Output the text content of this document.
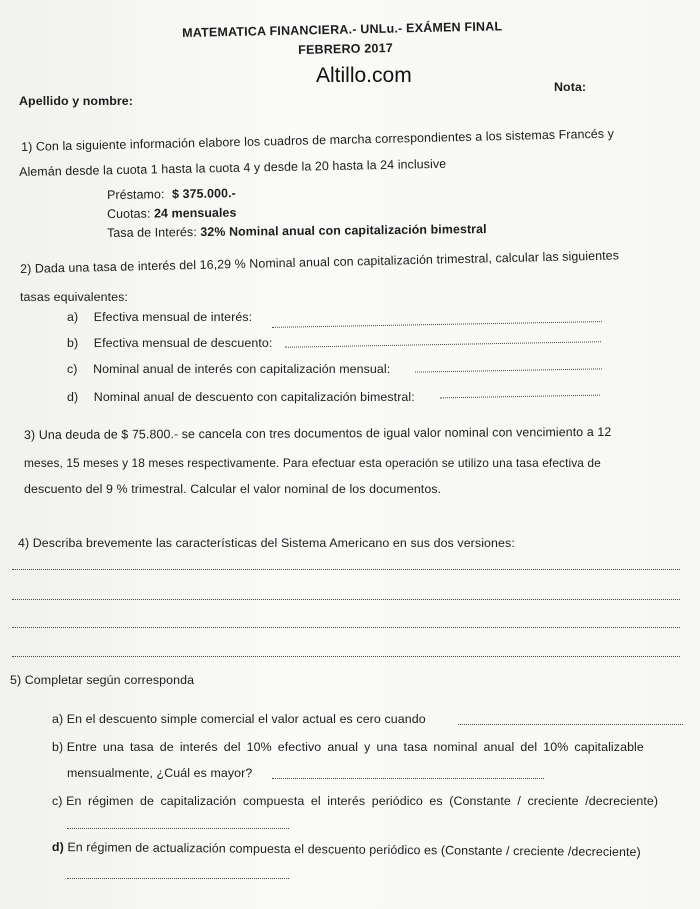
MATEMATICA FINANCIERA.- UNLu.- EXÁMEN FINAL
FEBRERO 2017
Altillo.com	Nota:
Apellido y nombre:
1) Con la siguiente información elabore los cuadros de marcha correspondientes a los sistemas Francés y
Alemán desde la cuota 1 hasta la cuota 4 y desde la 20 hasta la 24 inclusive
Préstamo: $ 375.000.-
Cuotas: 24 mensuales
Tasa de Interés: 32% Nominal anual con capitalización bimestral
2) Dada una tasa de interés del 16,29 % Nominal anual con capitalización trimestral, calcular las siguientes
tasas equivalentes:
a) Efectiva mensual de interés:
b) Efectiva mensual de descuento:
c) Nominal anual de interés con capitalización mensual:
d) Nominal anual de descuento con capitalización bimestral:
3) Una deuda de $ 75.800.- se cancela con tres documentos de igual valor nominal con vencimiento a 12
meses, 15 meses y 18 meses respectivamente. Para efectuar esta operación se utilizo una tasa efectiva de
descuento del 9 % trimestral. Calcular el valor nominal de los documentos.
4) Describa brevemente las características del Sistema Americano en sus dos versiones:
5) Completar según corresponda
a) En el descuento simple comercial el valor actual es cero cuando
b) Entre una tasa de interés del 10% efectivo anual y una tasa nominal anual del 10% capitalizable
mensualmente, ¿Cuál es mayor?
c) En régimen de capitalización compuesta el interés periódico es (Constante / creciente /decreciente)
d) En régimen de actualización compuesta el descuento periódico es (Constante / creciente /decreciente)
